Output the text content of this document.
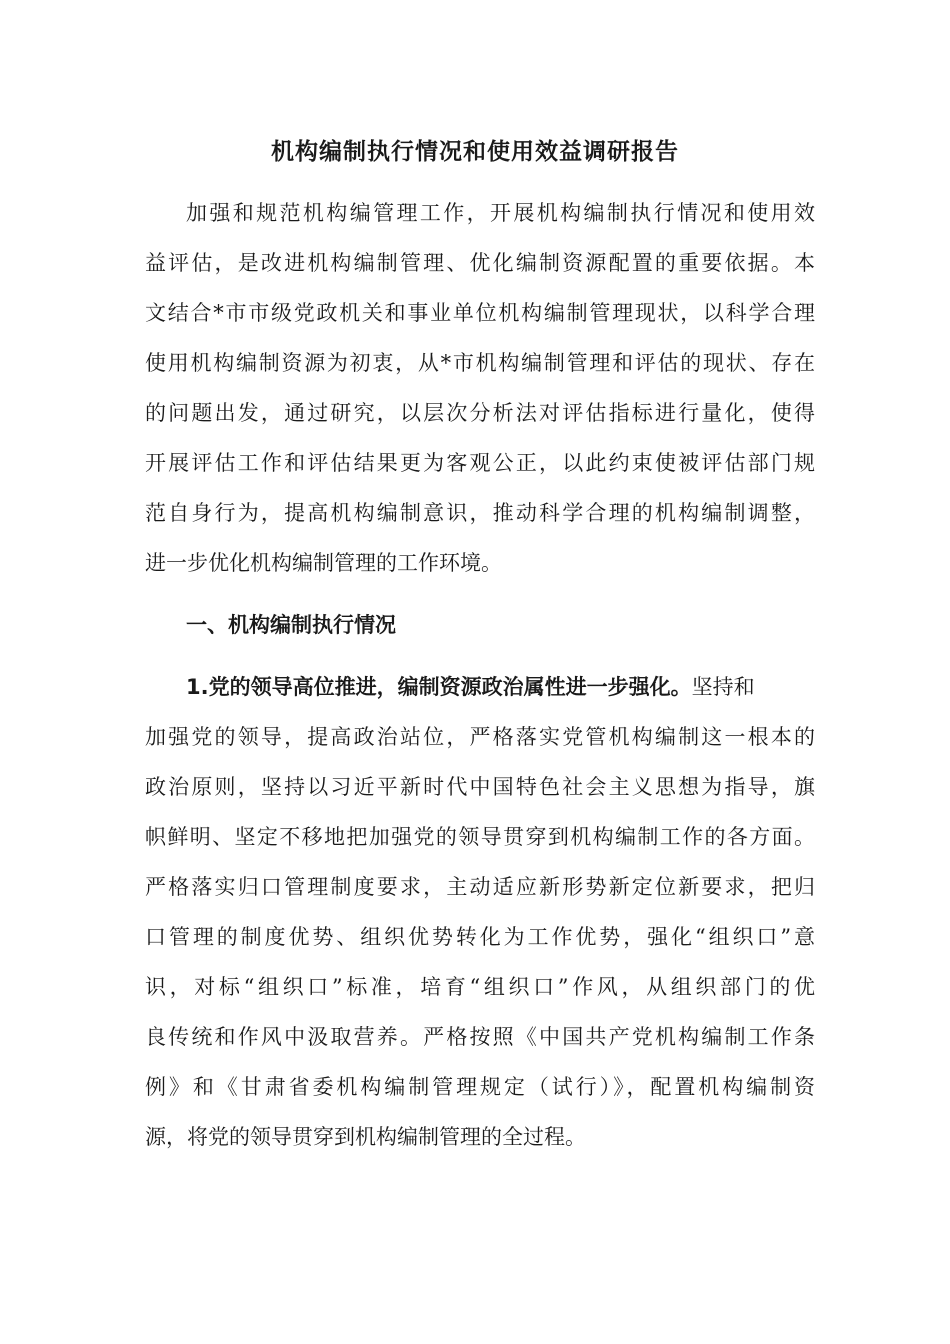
机构编制执行情况和使用效益调研报告
加强和规范机构编管理工作，开展机构编制执行情况和使用效
益评估，是改进机构编制管理、优化编制资源配置的重要依据。本
文结合*市市级党政机关和事业单位机构编制管理现状，以科学合理
使用机构编制资源为初衷，从*市机构编制管理和评估的现状、存在
的问题出发，通过研究，以层次分析法对评估指标进行量化，使得
开展评估工作和评估结果更为客观公正，以此约束使被评估部门规
范自身行为，提高机构编制意识，推动科学合理的机构编制调整，
进一步优化机构编制管理的工作环境。
一、机构编制执行情况
1.党的领导高位推进，编制资源政治属性进一步强化。坚持和
加强党的领导，提高政治站位，严格落实党管机构编制这一根本的
政治原则，坚持以习近平新时代中国特色社会主义思想为指导，旗
帜鲜明、坚定不移地把加强党的领导贯穿到机构编制工作的各方面。
严格落实归口管理制度要求，主动适应新形势新定位新要求，把归
口管理的制度优势、组织优势转化为工作优势，强化“组织口”意
识，对标“组织口”标准，培育“组织口”作风，从组织部门的优
良传统和作风中汲取营养。严格按照《中国共产党机构编制工作条
例》和《甘肃省委机构编制管理规定（试行）》，配置机构编制资
源，将党的领导贯穿到机构编制管理的全过程。
